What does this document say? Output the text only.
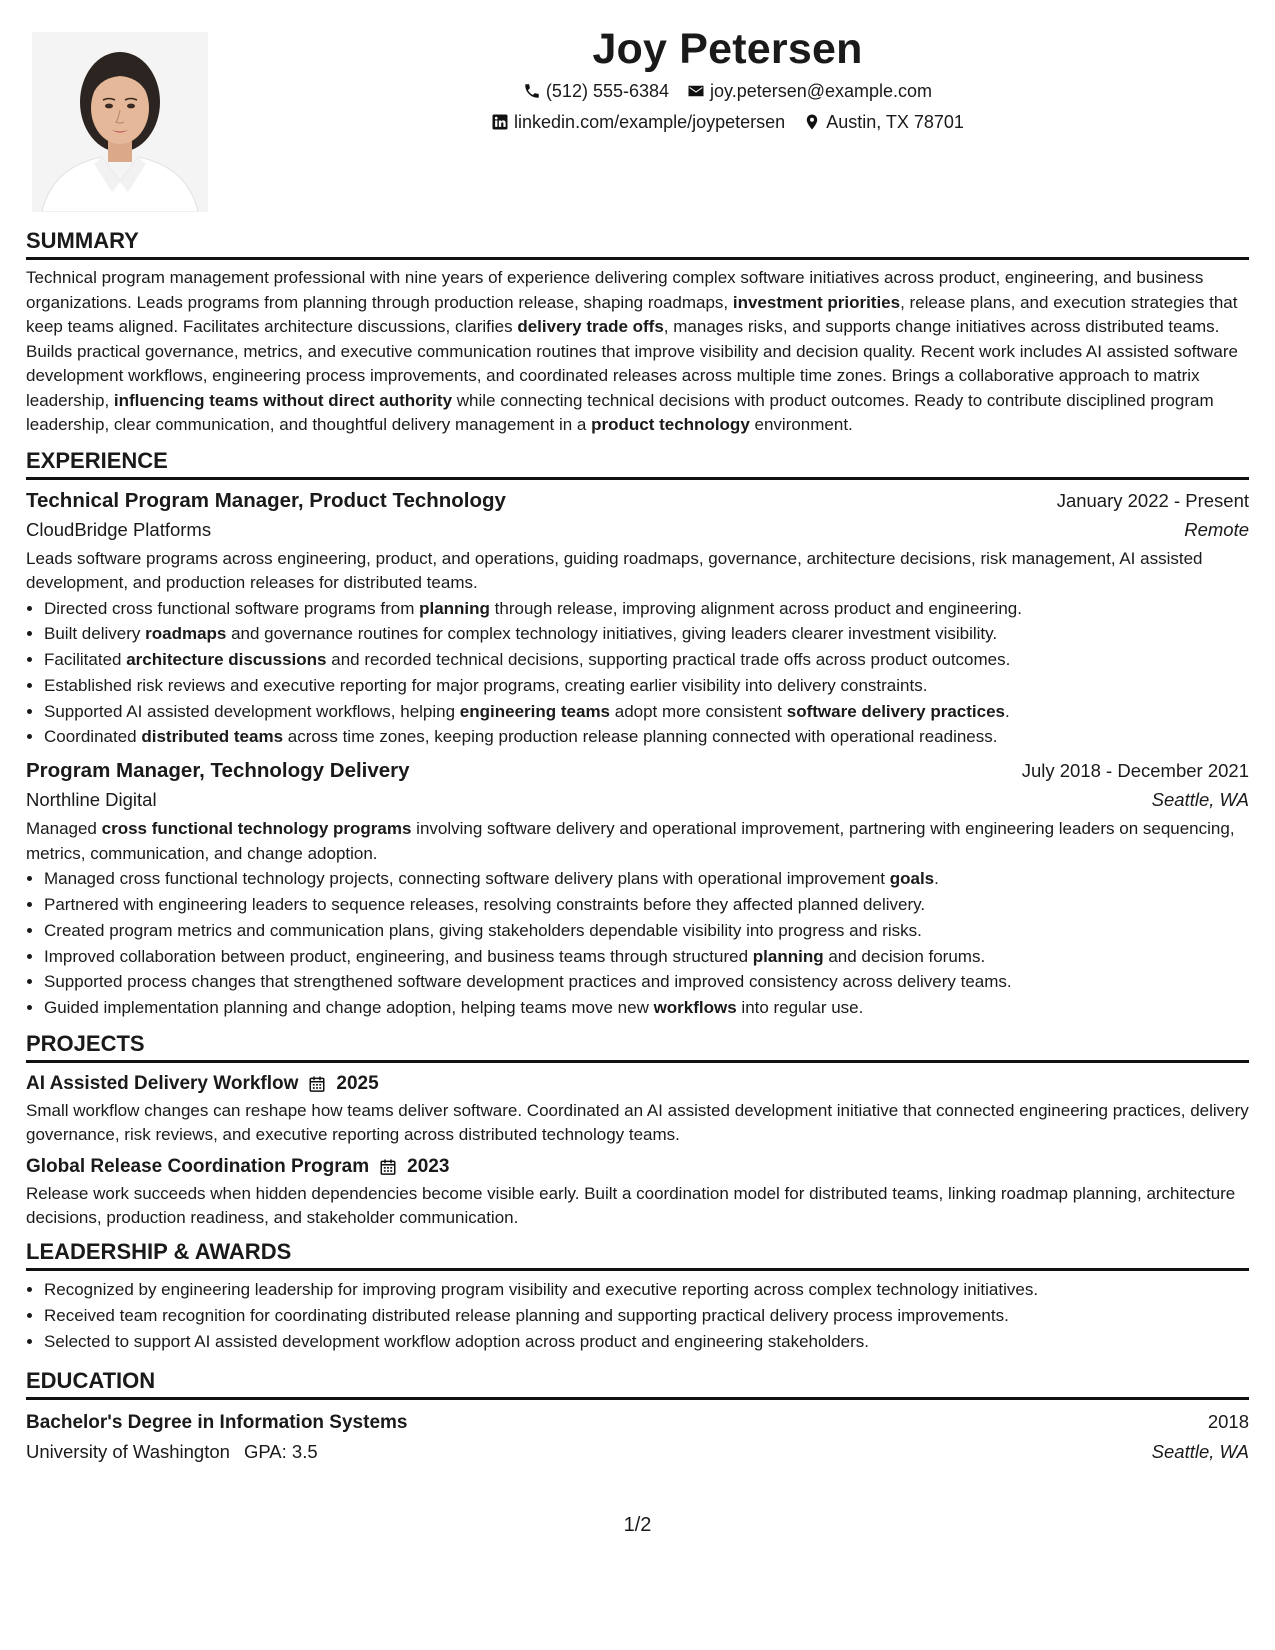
Joy Petersen
(512) 555-6384 joy.petersen@example.com
linkedin.com/example/joypetersen Austin, TX 78701
SUMMARY

Technical program management professional with nine years of experience delivering complex software initiatives across product, engineering, and business organizations. Leads programs from planning through production release, shaping roadmaps, investment priorities, release plans, and execution strategies that keep teams aligned. Facilitates architecture discussions, clarifies delivery trade offs, manages risks, and supports change initiatives across distributed teams. Builds practical governance, metrics, and executive communication routines that improve visibility and decision quality. Recent work includes AI assisted software development workflows, engineering process improvements, and coordinated releases across multiple time zones. Brings a collaborative approach to matrix leadership, influencing teams without direct authority while connecting technical decisions with product outcomes. Ready to contribute disciplined program leadership, clear communication, and thoughtful delivery management in a product technology environment.

EXPERIENCE
Technical Program Manager, Product Technology	January 2022 - Present
CloudBridge Platforms	Remote

Leads software programs across engineering, product, and operations, guiding roadmaps, governance, architecture decisions, risk management, AI assisted development, and production releases for distributed teams.

• Directed cross functional software programs from planning through release, improving alignment across product and engineering.
• Built delivery roadmaps and governance routines for complex technology initiatives, giving leaders clearer investment visibility.
• Facilitated architecture discussions and recorded technical decisions, supporting practical trade offs across product outcomes.
• Established risk reviews and executive reporting for major programs, creating earlier visibility into delivery constraints.
• Supported AI assisted development workflows, helping engineering teams adopt more consistent software delivery practices.
• Coordinated distributed teams across time zones, keeping production release planning connected with operational readiness.
Program Manager, Technology Delivery	July 2018 - December 2021
Northline Digital	Seattle, WA

Managed cross functional technology programs involving software delivery and operational improvement, partnering with engineering leaders on sequencing, metrics, communication, and change adoption.

• Managed cross functional technology projects, connecting software delivery plans with operational improvement goals.
• Partnered with engineering leaders to sequence releases, resolving constraints before they affected planned delivery.
• Created program metrics and communication plans, giving stakeholders dependable visibility into progress and risks.
• Improved collaboration between product, engineering, and business teams through structured planning and decision forums.
• Supported process changes that strengthened software development practices and improved consistency across delivery teams.
• Guided implementation planning and change adoption, helping teams move new workflows into regular use.
PROJECTS
AI Assisted Delivery Workflow 2025

Small workflow changes can reshape how teams deliver software. Coordinated an AI assisted development initiative that connected engineering practices, delivery governance, risk reviews, and executive reporting across distributed technology teams.

Global Release Coordination Program 2023

Release work succeeds when hidden dependencies become visible early. Built a coordination model for distributed teams, linking roadmap planning, architecture decisions, production readiness, and stakeholder communication.

LEADERSHIP & AWARDS
• Recognized by engineering leadership for improving program visibility and executive reporting across complex technology initiatives.
• Received team recognition for coordinating distributed release planning and supporting practical delivery process improvements.
• Selected to support AI assisted development workflow adoption across product and engineering stakeholders.
EDUCATION
Bachelor's Degree in Information Systems	2018
University of Washington GPA: 3.5	Seattle, WA
1/2
